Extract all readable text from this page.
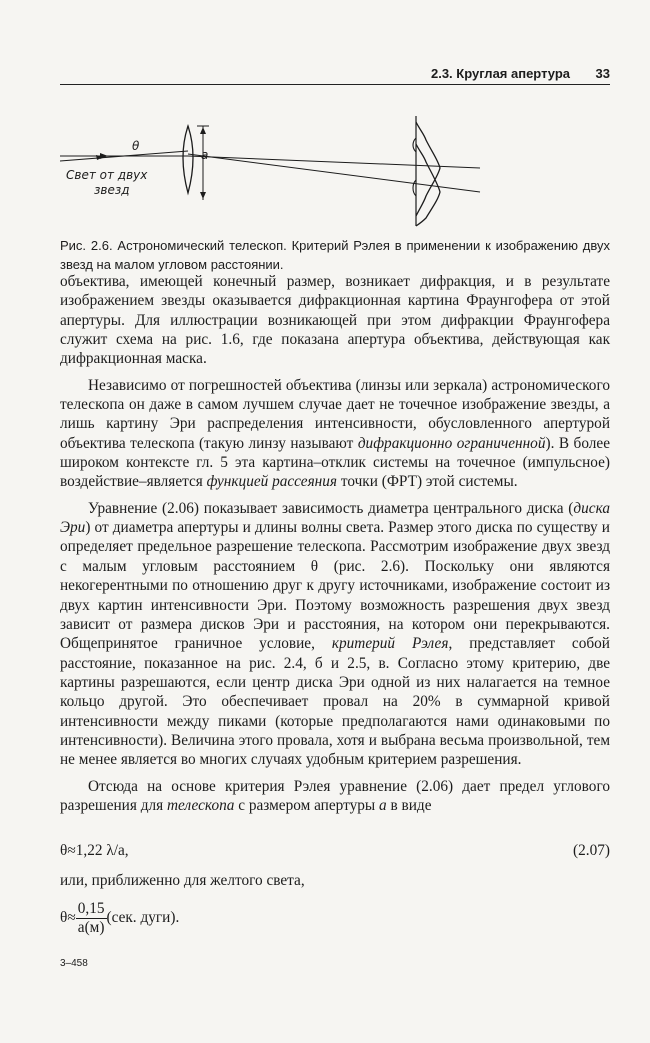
2.3. Круглая апертура 33
θ
a
Свет от двух
звезд
Рис. 2.6. Астрономический телескоп. Критерий Рэлея в применении к изображению двух звезд на малом угловом расстоянии.

объектива, имеющей конечный размер, возникает дифракция, и в результате изображением звезды оказывается дифракционная картина Фраунгофера от этой апертуры. Для иллюстрации возникающей при этом дифракции Фраунгофера служит схема на рис. 1.6, где показана апертура объектива, действующая как дифракционная маска.

Независимо от погрешностей объектива (линзы или зеркала) астрономического телескопа он даже в самом лучшем случае дает не точечное изображение звезды, а лишь картину Эри распределения интенсивности, обусловленного апертурой объектива телескопа (такую линзу называют дифракционно ограниченной). В более широком контексте гл. 5 эта картина–отклик системы на точечное (импульсное) воздействие–является функцией рассеяния точки (ФРТ) этой системы.

Уравнение (2.06) показывает зависимость диаметра центрального диска (диска Эри) от диаметра апертуры и длины волны света. Размер этого диска по существу и определяет предельное разрешение телескопа. Рассмотрим изображение двух звезд с малым угловым расстоянием θ (рис. 2.6). Поскольку они являются некогерентными по отношению друг к другу источниками, изображение состоит из двух картин интенсивности Эри. Поэтому возможность разрешения двух звезд зависит от размера дисков Эри и расстояния, на котором они перекрываются. Общепринятое граничное условие, критерий Рэлея, представляет собой расстояние, показанное на рис. 2.4, б и 2.5, в. Согласно этому критерию, две картины разрешаются, если центр диска Эри одной из них налагается на темное кольцо другой. Это обеспечивает провал на 20% в суммарной кривой интенсивности между пиками (которые предполагаются нами одинаковыми по интенсивности). Величина этого провала, хотя и выбрана весьма произвольной, тем не менее является во многих случаях удобным критерием разрешения.

Отсюда на основе критерия Рэлея уравнение (2.06) дает предел углового разрешения для телескопа с размером апертуры a в виде

θ≈1,22 λ/a,	(2.07)
или, приближенно для желтого света,
$\theta\approx \frac{0,15}{a(м)} (сек$. дуги).
3–458
